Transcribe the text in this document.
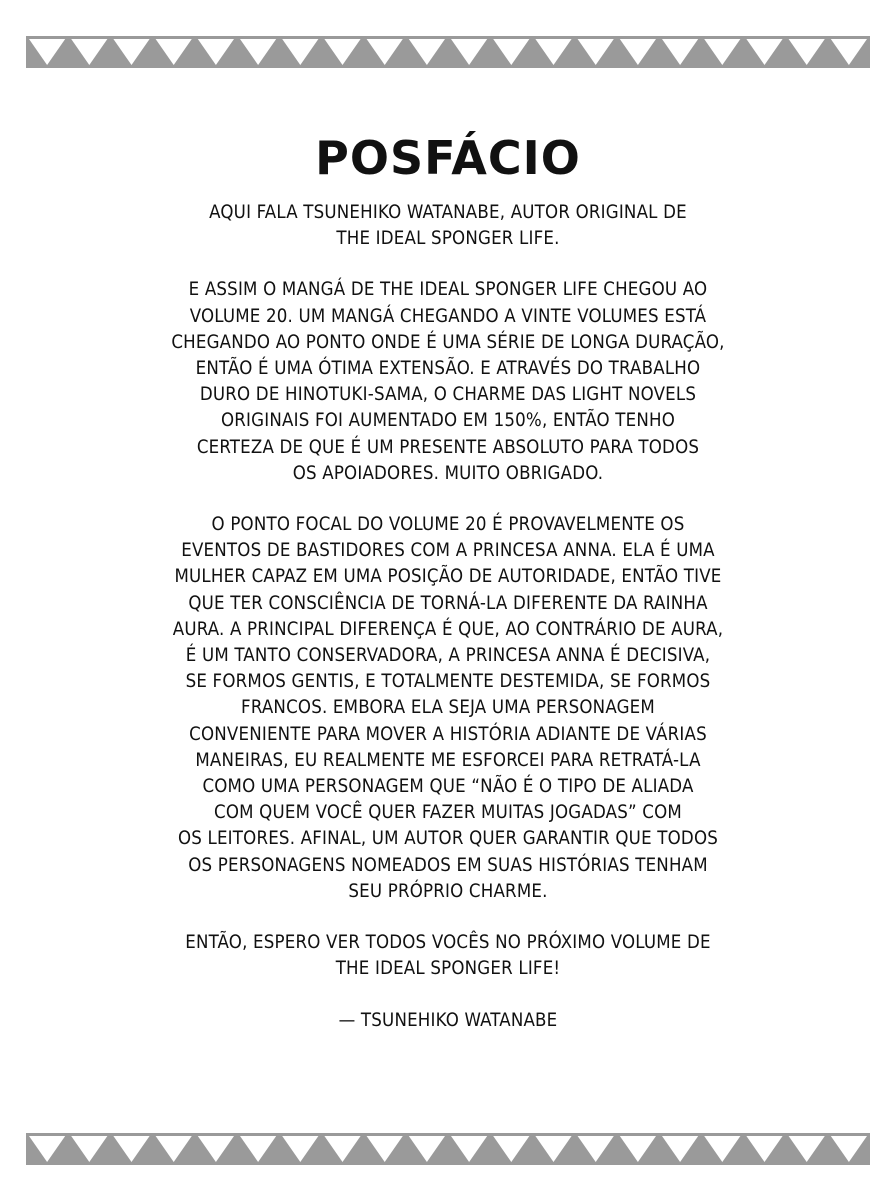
POSFÁCIO

AQUI FALA TSUNEHIKO WATANABE, AUTOR ORIGINAL DE
THE IDEAL SPONGER LIFE.

E ASSIM O MANGÁ DE THE IDEAL SPONGER LIFE CHEGOU AO
VOLUME 20. UM MANGÁ CHEGANDO A VINTE VOLUMES ESTÁ
CHEGANDO AO PONTO ONDE É UMA SÉRIE DE LONGA DURAÇÃO,
ENTÃO É UMA ÓTIMA EXTENSÃO. E ATRAVÉS DO TRABALHO
DURO DE HINOTUKI-SAMA, O CHARME DAS LIGHT NOVELS
ORIGINAIS FOI AUMENTADO EM 150%, ENTÃO TENHO
CERTEZA DE QUE É UM PRESENTE ABSOLUTO PARA TODOS
OS APOIADORES. MUITO OBRIGADO.

O PONTO FOCAL DO VOLUME 20 É PROVAVELMENTE OS
EVENTOS DE BASTIDORES COM A PRINCESA ANNA. ELA É UMA
MULHER CAPAZ EM UMA POSIÇÃO DE AUTORIDADE, ENTÃO TIVE
QUE TER CONSCIÊNCIA DE TORNÁ-LA DIFERENTE DA RAINHA
AURA. A PRINCIPAL DIFERENÇA É QUE, AO CONTRÁRIO DE AURA,
É UM TANTO CONSERVADORA, A PRINCESA ANNA É DECISIVA,
SE FORMOS GENTIS, E TOTALMENTE DESTEMIDA, SE FORMOS
FRANCOS. EMBORA ELA SEJA UMA PERSONAGEM
CONVENIENTE PARA MOVER A HISTÓRIA ADIANTE DE VÁRIAS
MANEIRAS, EU REALMENTE ME ESFORCEI PARA RETRATÁ-LA
COMO UMA PERSONAGEM QUE “NÃO É O TIPO DE ALIADA
COM QUEM VOCÊ QUER FAZER MUITAS JOGADAS” COM
OS LEITORES. AFINAL, UM AUTOR QUER GARANTIR QUE TODOS
OS PERSONAGENS NOMEADOS EM SUAS HISTÓRIAS TENHAM
SEU PRÓPRIO CHARME.

ENTÃO, ESPERO VER TODOS VOCÊS NO PRÓXIMO VOLUME DE
THE IDEAL SPONGER LIFE!
— TSUNEHIKO WATANABE
